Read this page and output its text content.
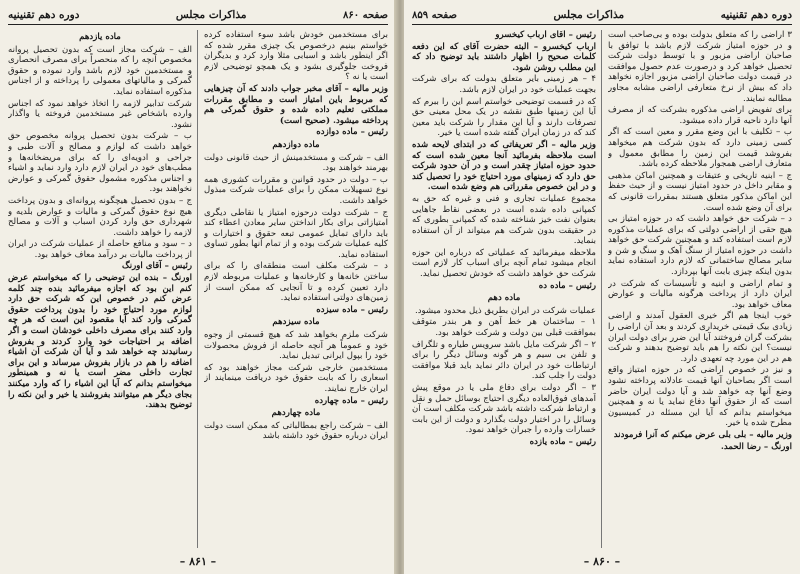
صفحه ۸۶۰
مذاکرات مجلس
دوره دهم تقنينيه

برای مستخدمین خودش باشد سوء استفاده کرده خواستم بینیم درخصوص یک چیزی مقرر شده که اگر اینطور باشد و اسبابی مثلا وارد کرد و بدیگران فروخت جلوگیری بشود و یک همچو توضیحی لازم است یا نه ؟

وزیر مالیه – آقای مخبر جواب دادند که آن چیزهایی که مربوط باین امتیاز است و مطابق مقررات مملکتی تعلیم داده شده و حقوق گمرکی هم پرداخته میشود. (صحیح است)

رئیس – ماده دوازده

ماده دوازدهم

الف – شرکت و مستخدمینش از حیث قانونی دولت بهرمند خواهند بود.

ب – دولت در حدود قوانین و مقررات کشوری همه نوع تسهیلات ممکن را برای عملیات شرکت مبذول خواهد داشت.

ج – شرکت دولت درحوزه امتیاز یا نقاطی دیگری امتیازاتی برای بکار انداختن سایر معادن اعطاء کند باید دارای تمایل عمومی تبعه حقوق و اختیارات و کلیه عملیات شرکت بوده و از تمام آنها بطور تساوی استفاده نماید.

د – شرکت مکلف است منطقه‌ای را که برای ساختن خانه‌ها و کارخانه‌ها و عملیات مربوطه لازم دارد تعیین کرده و تا آنجایی که ممکن است از زمین‌های دولتی استفاده نماید.

رئیس – ماده سیزده

ماده سیزدهم

شرکت ملزم بخواهد شد که هیچ قسمتی از وجوه خود و عموماً هر آنچه حاصله از فروش محصولات خود را بپول ایرانی تبدیل نماید.

مستخدمین خارجی شرکت مجاز خواهند بود که اسعاری را که بابت حقوق خود دریافت مینمایند از ایران خارج نمایند.

رئیس – ماده چهارده

ماده چهاردهم

الف – شرکت راجع بمطالباتی که ممکن است دولت ایران درباره حقوق خود داشته باشد

ماده یازدهم

الف – شرکت مجاز است که بدون تحصیل پروانه مخصوص آنچه را که منحصراً برای مصرف انحصاری و مستخدمین خود لازم باشد وارد نموده و حقوق گمرکی و مالیاتهای معمولی را پرداخته و از اجناس مذکوره استفاده نماید.

شرکت تدابیر لازمه را اتخاذ خواهد نمود که اجناس وارده باشخاص غیر مستخدمین فروخته یا واگذار نشود.

ب – شرکت بدون تحصیل پروانه مخصوص حق خواهد داشت که لوازم و مصالح و آلات طبی و جراحی و ادویه‌ای را که برای مریضخانه‌ها و مطب‌های خود در ایران لازم دارد وارد نماید و اشیاء و اجناس مذکوره مشمول حقوق گمرکی و عوارض نخواهند بود.

ج – بدون تحصیل هیچگونه پروانه‌ای و بدون پرداخت هیچ نوع حقوق گمرکی و مالیات و عوارض بلدیه و شهرداری حق وارد کردن اسباب و آلات و مصالح لازمه را خواهد داشت.

د – سود و منافع حاصله از عملیات شرکت در ایران از پرداخت مالیات بر درآمد معاف خواهد بود.

رئیس – آقای اورنگ

اورنگ – بنده این توضیحی را که میخواستم عرض کنم این بود که اجازه میفرمائید بنده چند کلمه عرض کنم در خصوص این که شرکت حق دارد لوازم مورد احتیاج خود را بدون پرداخت حقوق گمرکی وارد کند آیا مقصود این است که هر چه وارد کنند برای مصرف داخلی خودشان است و اگر اضافه بر احتیاجات خود وارد کردند و بفروش رسانیدند چه خواهد شد و آیا آن شرکت آن اشیاء اضافه را هم در بازار بفروش میرساند و این برای تجارت داخلی مضر است یا نه و همینطور میخواستم بدانم که آیا این اشیاء را که وارد میکنند بجای دیگر هم میتوانند بفروشند یا خیر و این نکته را توضیح بدهند.

– ۸۶۱ –
دوره دهم تقنينيه
مذاکرات مجلس
صفحه ۸۵۹

۳ اراضی را که متعلق بدولت بوده و بی‌صاحب است و در حوزه امتیاز شرکت لازم باشد با توافق با صاحبان اراضی مزبور و با توسط دولت شرکت تحصیل خواهد کرد و درصورت عدم حصول موافقت در قیمت دولت صاحبان اراضی مزبور اجازه نخواهد داد که بیش از نرخ متعارفی اراضی مشابه مجاور مطالبه نمایند.

برای تفویض اراضی مذکوره بشرکت که از مصرف آنها دارد ناحیه قرار داده میشود.

ب – تکلیف با این وضع مقرر و معین است که اگر کسی زمینی دارد که بدون شرکت هم میخواهد بفروشد قیمت این زمین را مطابق معمول و متعارف اراضی همجوار ملاحظه کرده باشد.

ج – ابنیه تاریخی و عتیقات و همچنین اماکن مذهبی و مقابر داخل در حدود امتیاز نیست و از حیث حفظ این اماکن مذکور متعلق هستند بمقررات قانونی که برای آن وضع شده است.

د – شرکت حق خواهد داشت که در حوزه امتیاز بی هیچ حقی از اراضی دولتی که برای عملیات مذکوره لازم است استفاده کند و همچنین شرکت حق خواهد داشت در حوزه امتیاز از سنگ آهک و سنگ و شن و سایر مصالح ساختمانی که لازم دارد استفاده نماید بدون اینکه چیزی بابت آنها بپردازد.

و تمام اراضی و ابنیه و تأسیسات که شرکت در ایران دارد از پرداخت هرگونه مالیات و عوارض معاف خواهد بود.

خوب اینجا هم اگر خیری العقول آمدند و اراضی زیادی بیک قیمتی خریداری کردند و بعد آن اراضی را بشرکت گران فروختند آیا این ضرر برای دولت ایران نیست؟ این نکته را هم باید توضیح بدهند و شرکت هم در این مورد چه تعهدی دارد.

و نیز در خصوص اراضی که در حوزه امتیاز واقع است اگر بصاحبان آنها قیمت عادلانه پرداخته نشود وضع آنها چه خواهد شد و آیا دولت ایران حاضر است که از حقوق آنها دفاع نماید یا نه و همچنین میخواستم بدانم که آیا این مسئله در کمیسیون مطرح شده یا خیر.

وزیر مالیه – بلی بلی عرض میکنم که آنرا فرمودند

اورنگ – رضا الحمد.

رئیس – آقای ارباب کیخسرو

ارباب کیخسرو – البته حضرت آقای که این دفعه کلمات صحیح را اظهار داشتند باید توضیح داد که این مطلب روشن شود.

۴ – هر زمینی بایر متعلق بدولت که برای شرکت بجهت عملیات خود در ایران لازم باشد.

که در قسمت توضیحی خواستم اسم این را ببرم که آیا این زمینها طبق نقشه در یک محل معینی حق تصرفات دارند و آیا این مقدار را شرکت باید معین کند که در زمان ایران گفته شده است یا خیر.

وزیر مالیه – اگر تعریفاتی که در ابتدای لایحه شده است ملاحظه بفرمائید آنجا معین شده است که حدود حوزه امتیاز چقدر است و در آن حدود شرکت حق دارد که زمینهای مورد احتیاج خود را تحصیل کند و در این خصوص مقرراتی هم وضع شده است.

مجموع عملیات تجاری و فنی و غیره که حق به کمپانی داده شده است در بعضی نقاط جاهایی بعنوان نفت خیز شناخته شده که کمپانی بطوری که در حقیقت بدون شرکت هم میتواند از آن استفاده بنماید.

ملاحظه میفرمائید که عملیاتی که درباره این حوزه انجام میشود تمام آنچه برای اسباب کار لازم است شرکت حق خواهد داشت که خودش تحصیل نماید.

رئیس – ماده ده

ماده دهم

عملیات شرکت در ایران بطریق ذیل محدود میشود.

۱ – ساختمان هر خط آهن و هر بندر متوقف بموافقت قبلی بین دولت و شرکت خواهد بود.

۲ – اگر شرکت مایل باشد سرویس طیاره و تلگراف و تلفن بی سیم و هر گونه وسائل دیگر را برای ارتباطات خود در ایران دائر نماید باید قبلا موافقت دولت را جلب کند.

۳ – اگر دولت برای دفاع ملی یا در موقع پیش آمدهای فوق‌العاده دیگری احتیاج بوسائل حمل و نقل و ارتباط شرکت داشته باشد شرکت مکلف است آن وسائل را در اختیار دولت بگذارد و دولت از این بابت خسارات وارده را جبران خواهد نمود.

رئیس – ماده یازده

– ۸۶۰ –
